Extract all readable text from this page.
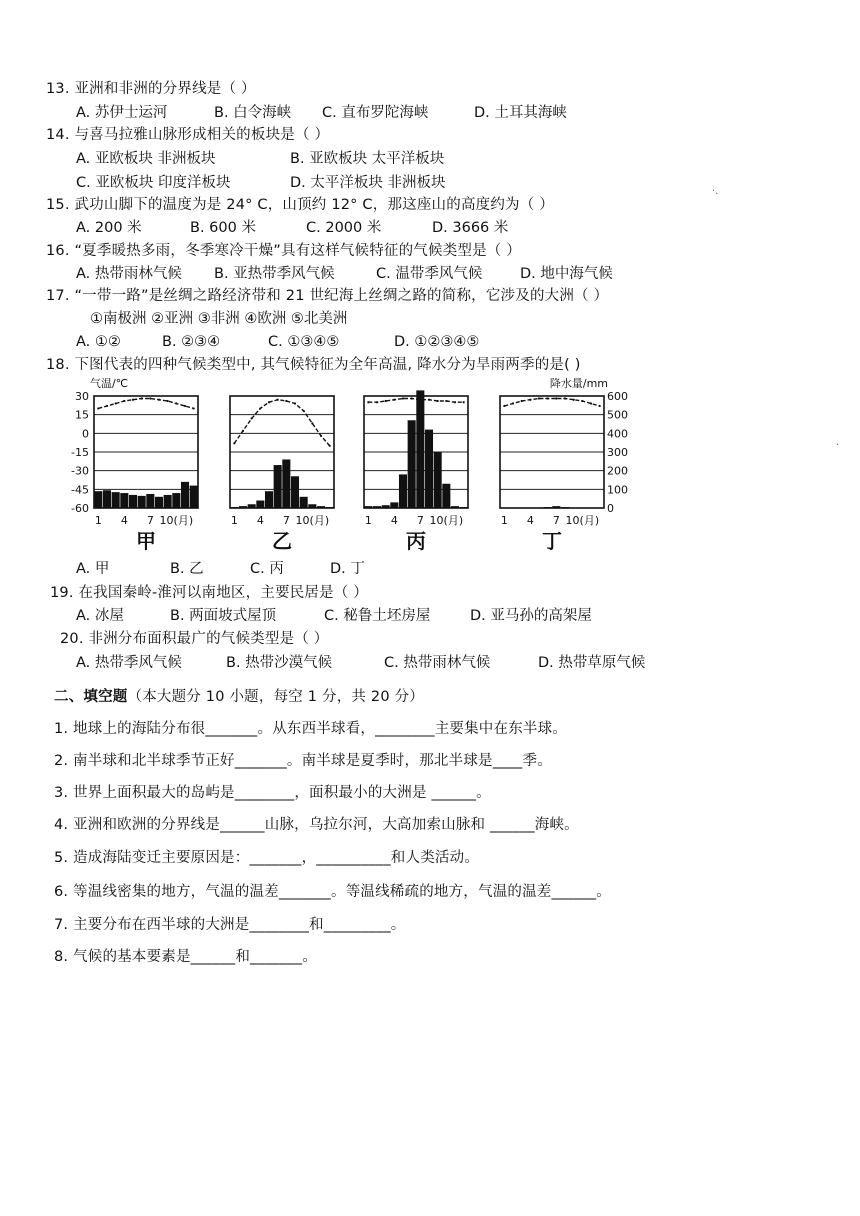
13. 亚洲和非洲的分界线是（ ）
A. 苏伊士运河	B. 白令海峡 C. 直布罗陀海峡	D. 土耳其海峡
14. 与喜马拉雅山脉形成相关的板块是（ ）
A. 亚欧板块 非洲板块	B. 亚欧板块 太平洋板块
C. 亚欧板块 印度洋板块	D. 太平洋板块 非洲板块
15. 武功山脚下的温度为是 24° C，山顶约 12° C，那这座山的高度约为（ ）
A. 200 米	B. 600 米	C. 2000 米	D. 3666 米
16. “夏季暖热多雨，冬季寒冷干燥”具有这样气候特征的气候类型是（ ）
A. 热带雨林气候 B. 亚热带季风气候	C. 温带季风气候	D. 地中海气候
17. “一带一路”是丝绸之路经济带和 21 世纪海上丝绸之路的简称，它涉及的大洲（ ）
①南极洲 ②亚洲 ③非洲 ④欧洲 ⑤北美洲
A. ①②	B. ②③④	C. ①③④⑤	D. ①②③④⑤
18. 下图代表的四种气候类型中, 其气候特征为全年高温, 降水分为旱雨两季的是( )
气温/℃	降水量/mm
30
15
0
-15
-30
-45
-60
600
500
400
300
200
100
0
1 4 7 10(月)
甲
1 4 7 10(月)
乙
1 4 7 10(月)
丙
1 4 7 10(月)
丁
A. 甲	B. 乙	C. 丙	D. 丁
19. 在我国秦岭-淮河以南地区，主要民居是（ ）
A. 冰屋	B. 两面坡式屋顶	C. 秘鲁土坯房屋	D. 亚马孙的高架屋
20. 非洲分布面积最广的气候类型是（ ）
A. 热带季风气候	B. 热带沙漠气候	C. 热带雨林气候	D. 热带草原气候
二、填空题（本大题分 10 小题，每空 1 分，共 20 分）
1. 地球上的海陆分布很_______。从东西半球看，________主要集中在东半球。
2. 南半球和北半球季节正好_______。南半球是夏季时，那北半球是____季。
3. 世界上面积最大的岛屿是________，面积最小的大洲是 ______。
4. 亚洲和欧洲的分界线是______山脉，乌拉尔河，大高加索山脉和 ______海峡。
5. 造成海陆变迁主要原因是：_______，__________和人类活动。
6. 等温线密集的地方，气温的温差_______。等温线稀疏的地方，气温的温差______。
7. 主要分布在西半球的大洲是________和_________。
8. 气候的基本要素是______和_______。
·.
·
